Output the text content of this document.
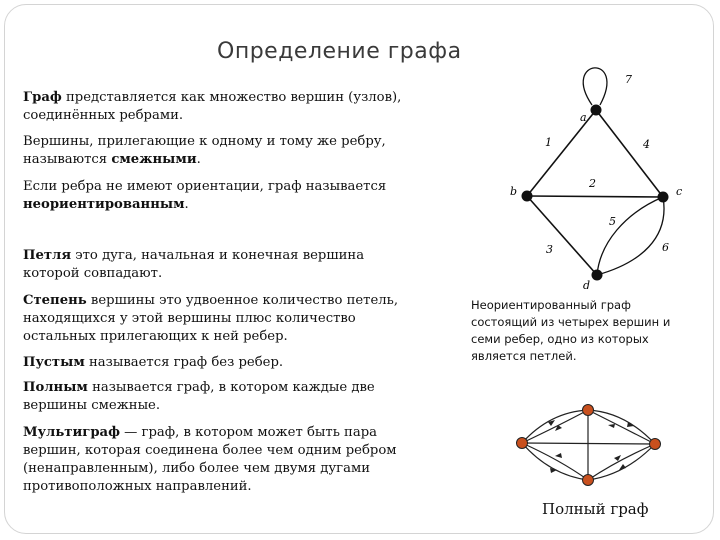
Определение графа
Граф представляется как множество вершин (узлов), соединённых ребрами.
Вершины, прилегающие к одному и тому же ребру, называются смежными.
Если ребра не имеют ориентации, граф называется неориентированным.
Петля это дуга, начальная и конечная вершина которой совпадают.
Степень вершины это удвоенное количество петель, находящихся у этой вершины плюс количество остальных прилегающих к ней ребер.
Пустым называется граф без ребер.
Полным называется граф, в котором каждые две вершины смежные.
Мультиграф — граф, в котором может быть пара вершин, которая соединена более чем одним ребром (ненаправленным), либо более чем двумя дугами противоположных направлений.
a
b	c
d
7
1	4
2
5
3	6
Неориентированный граф состоящий из четырех вершин и семи ребер, одно из которых является петлей.
Полный граф
